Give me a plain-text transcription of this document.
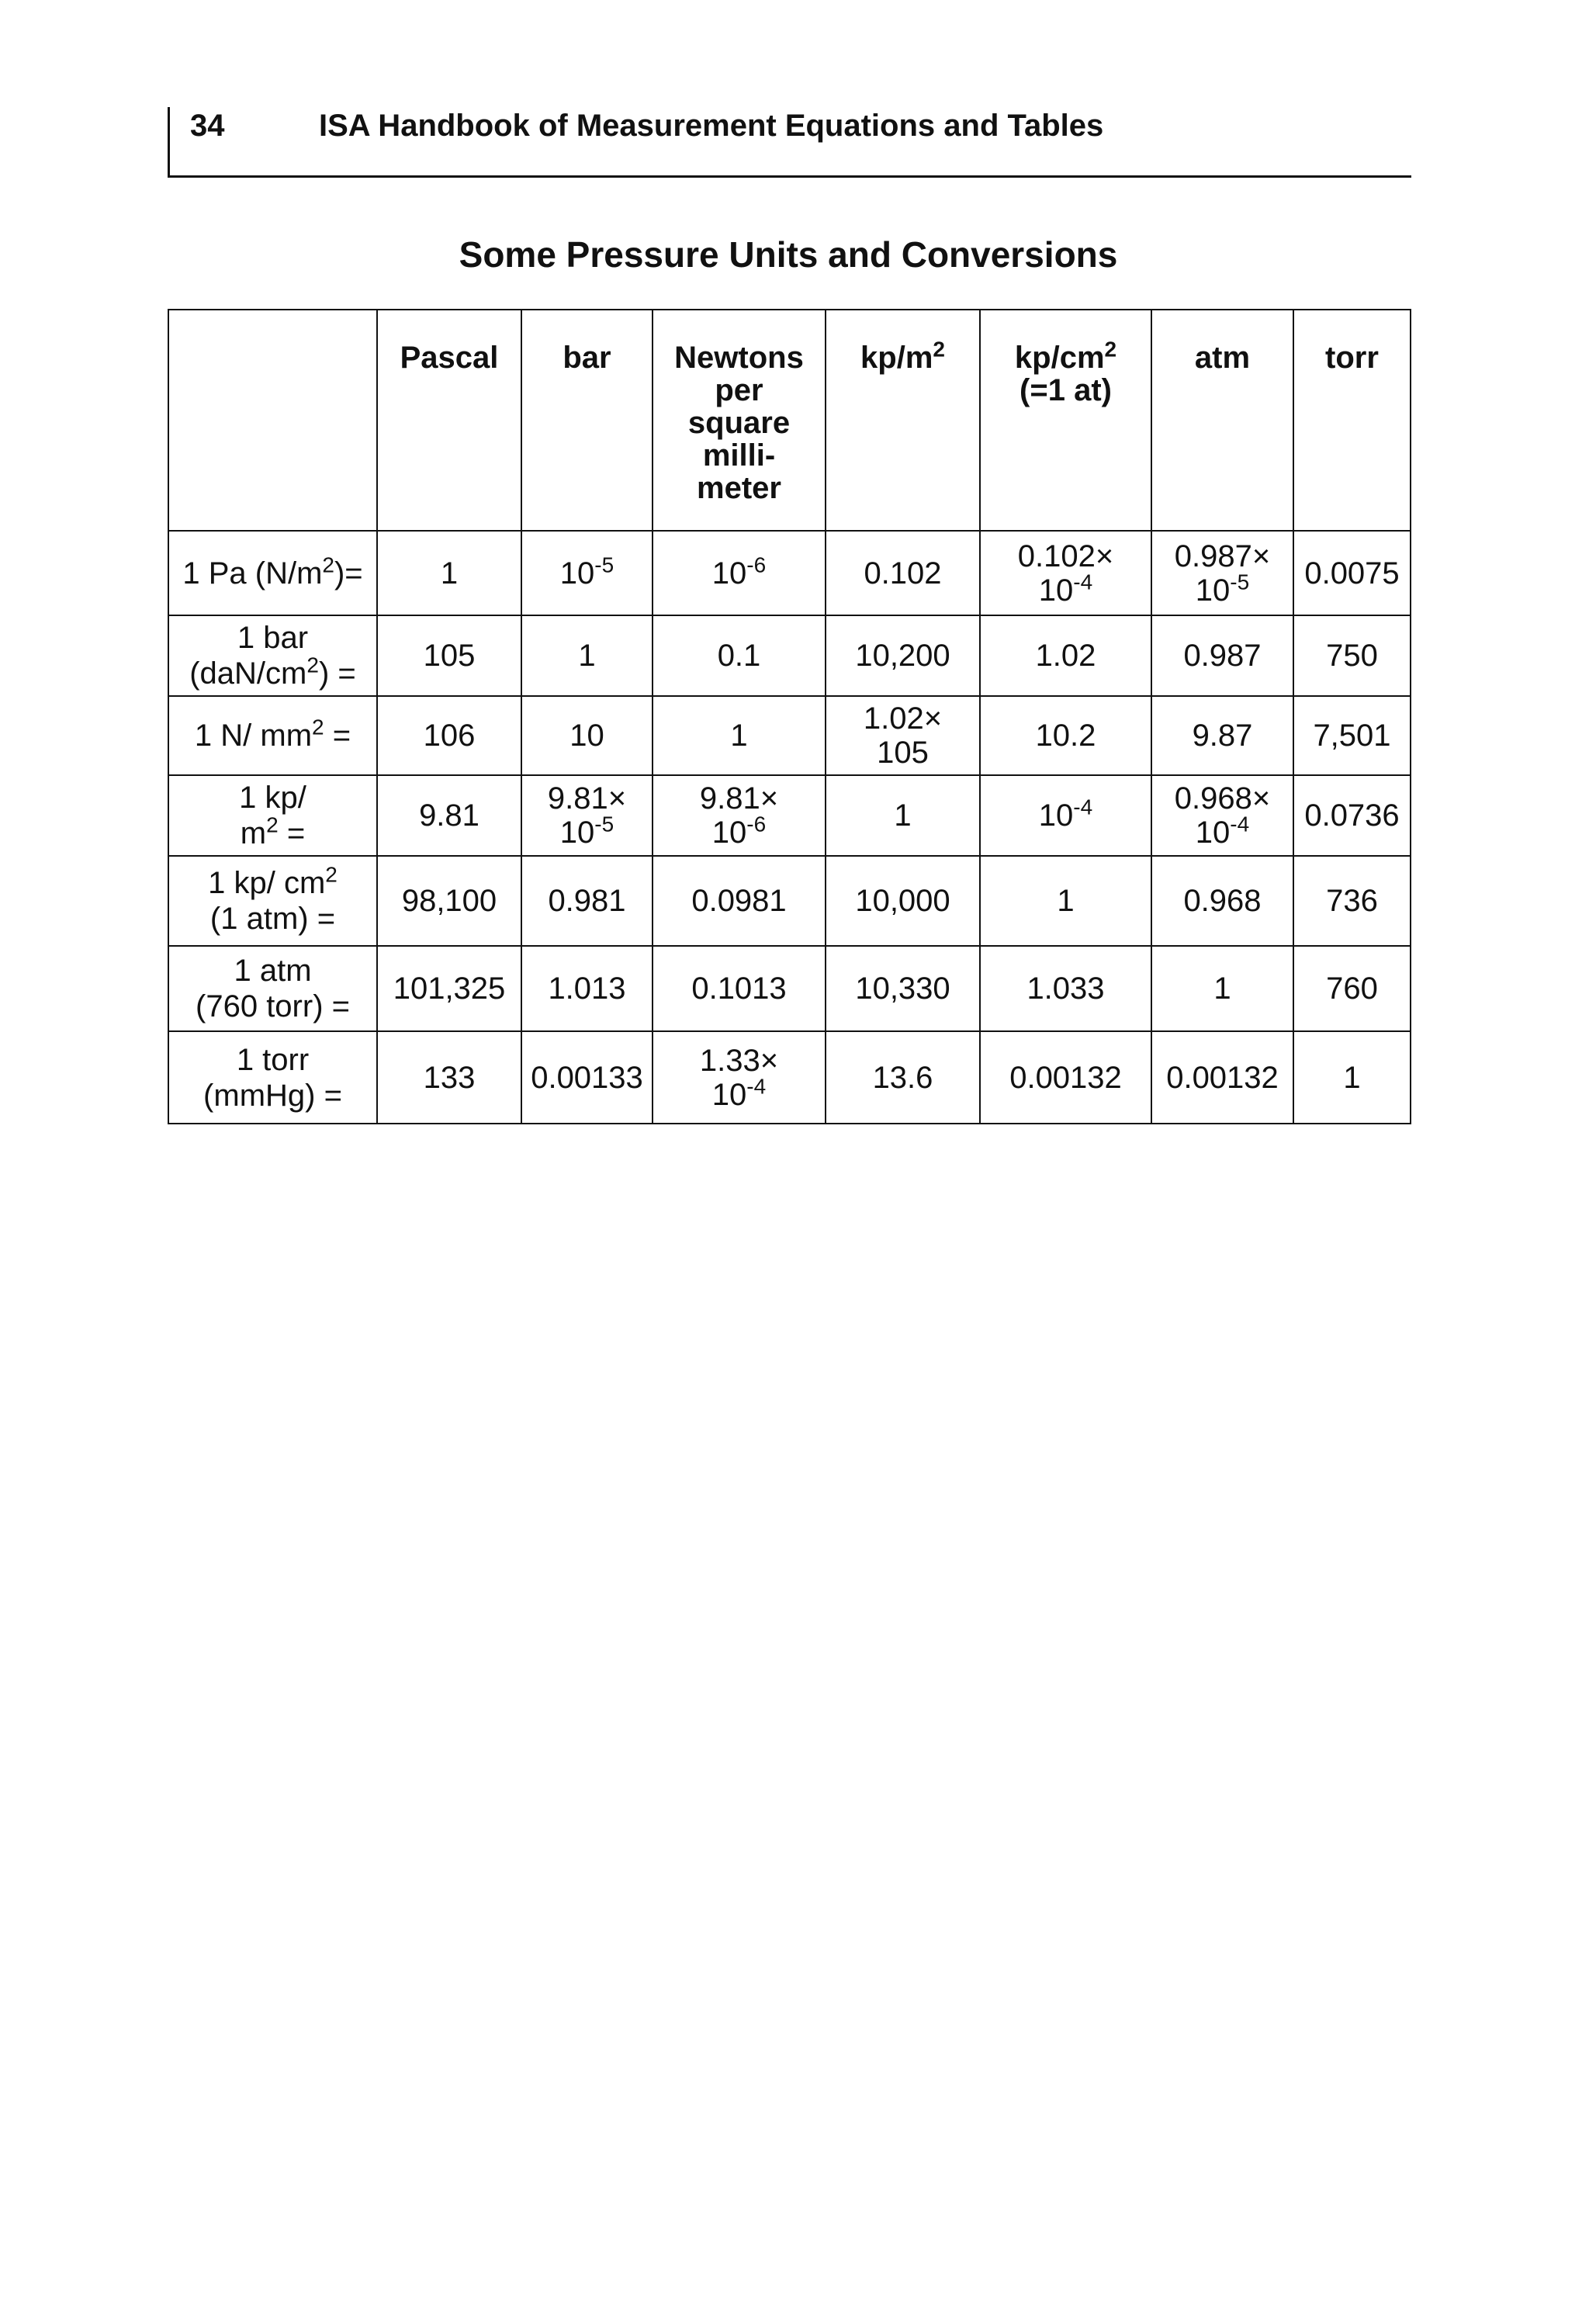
34	ISA Handbook of Measurement Equations and Tables
Some Pressure Units and Conversions
	Pascal	bar	Newtons
per
square
milli-
meter	$kp/m^2$	$kp/cm^2$
(=1 at)	atm	torr
1 Pa $(N/m^2)=$	1	$10^{-5}$	$10^{-6}$	0.102	0.102×
$10^{-4}$	0.987×
$10^{-5}$	0.0075
1 bar
$(daN/cm^2)$ =	105	1	0.1	10,200	1.02	0.987	750
1 N/ $mm^2$ =	106	10	1	1.02×
105	10.2	9.87	7,501
1 kp/
$m^2$ =	9.81	9.81×
$10^{-5}$	9.81×
$10^{-6}$	1	$10^{-4}$	0.968×
$10^{-4}$	0.0736
1 kp/ $cm^2$
(1 atm) =	98,100	0.981	0.0981	10,000	1	0.968	736
1 atm
(760 torr) =	101,325	1.013	0.1013	10,330	1.033	1	760
1 torr
(mmHg) =	133	0.00133	1.33×
$10^{-4}$	13.6	0.00132	0.00132	1
